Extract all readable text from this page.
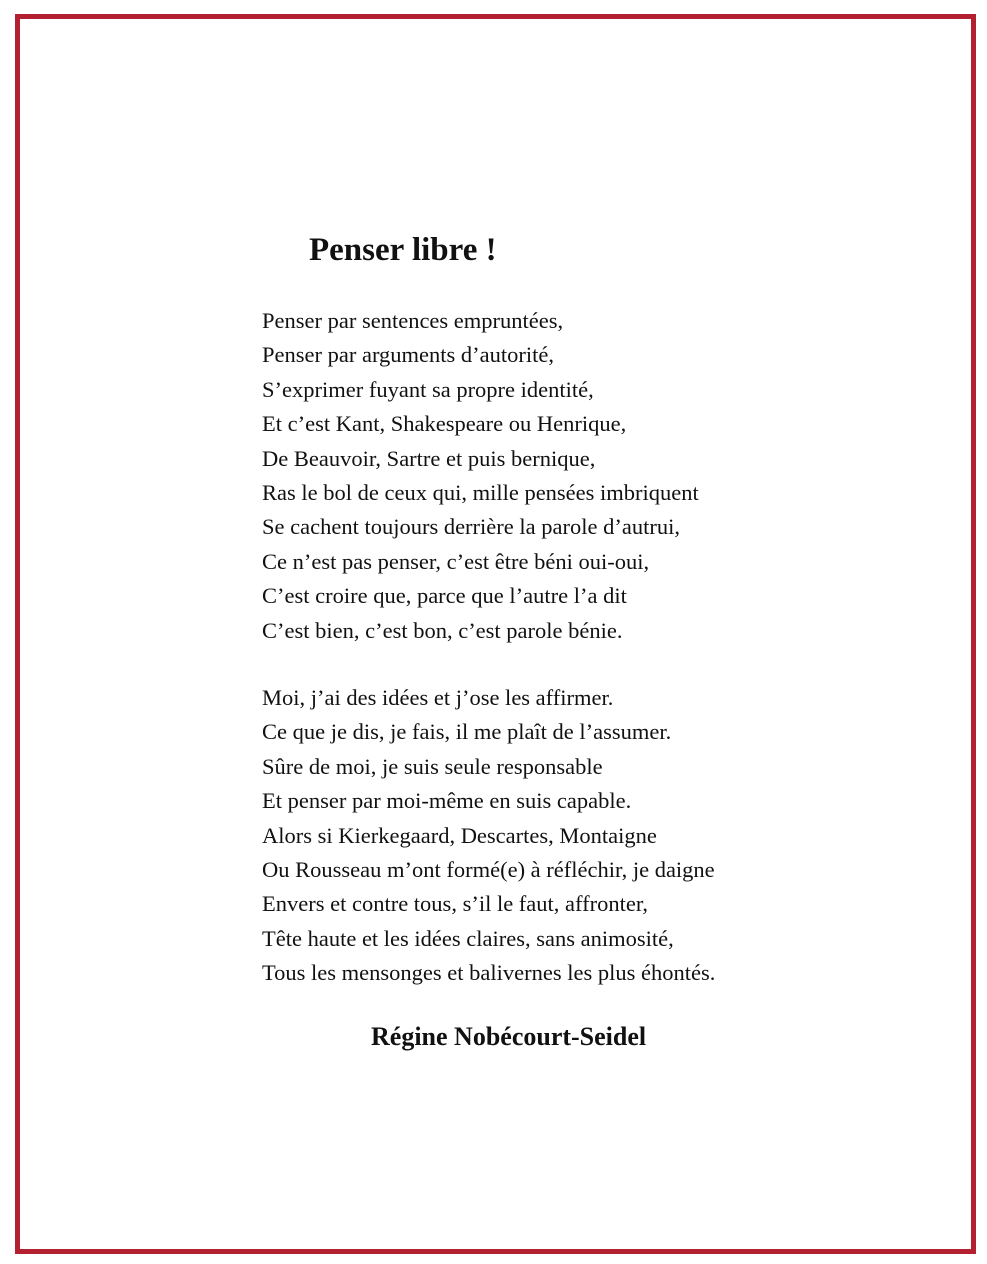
Penser libre !
Penser par sentences empruntées,
Penser par arguments d’autorité,
S’exprimer fuyant sa propre identité,
Et c’est Kant, Shakespeare ou Henrique,
De Beauvoir, Sartre et puis bernique,
Ras le bol de ceux qui, mille pensées imbriquent
Se cachent toujours derrière la parole d’autrui,
Ce n’est pas penser, c’est être béni oui-oui,
C’est croire que, parce que l’autre l’a dit
C’est bien, c’est bon, c’est parole bénie.
Moi, j’ai des idées et j’ose les affirmer.
Ce que je dis, je fais, il me plaît de l’assumer.
Sûre de moi, je suis seule responsable
Et penser par moi-même en suis capable.
Alors si Kierkegaard, Descartes, Montaigne
Ou Rousseau m’ont formé(e) à réfléchir, je daigne
Envers et contre tous, s’il le faut, affronter,
Tête haute et les idées claires, sans animosité,
Tous les mensonges et balivernes les plus éhontés.

Régine Nobécourt-Seidel
